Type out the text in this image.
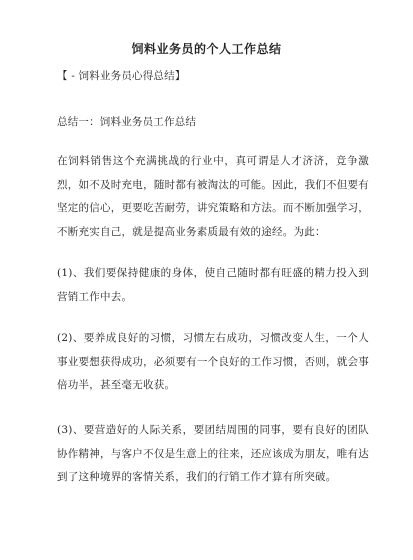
饲料业务员的个人工作总结
【 - 饲料业务员心得总结】
总结一：饲料业务员工作总结
在饲料销售这个充满挑战的行业中，真可谓是人才济济，竞争激烈，如不及时充电，随时都有被淘汰的可能。因此，我们不但要有坚定的信心，更要吃苦耐劳，讲究策略和方法。而不断加强学习，不断充实自己，就是提高业务素质最有效的途经。为此：
(1)、我们要保持健康的身体，使自己随时都有旺盛的精力投入到营销工作中去。
(2)、要养成良好的习惯，习惯左右成功，习惯改变人生，一个人事业要想获得成功，必须要有一个良好的工作习惯，否则，就会事倍功半，甚至毫无收获。
(3)、要营造好的人际关系，要团结周围的同事，要有良好的团队协作精神，与客户不仅是生意上的往来，还应该成为朋友，唯有达到了这种境界的客情关系，我们的行销工作才算有所突破。
